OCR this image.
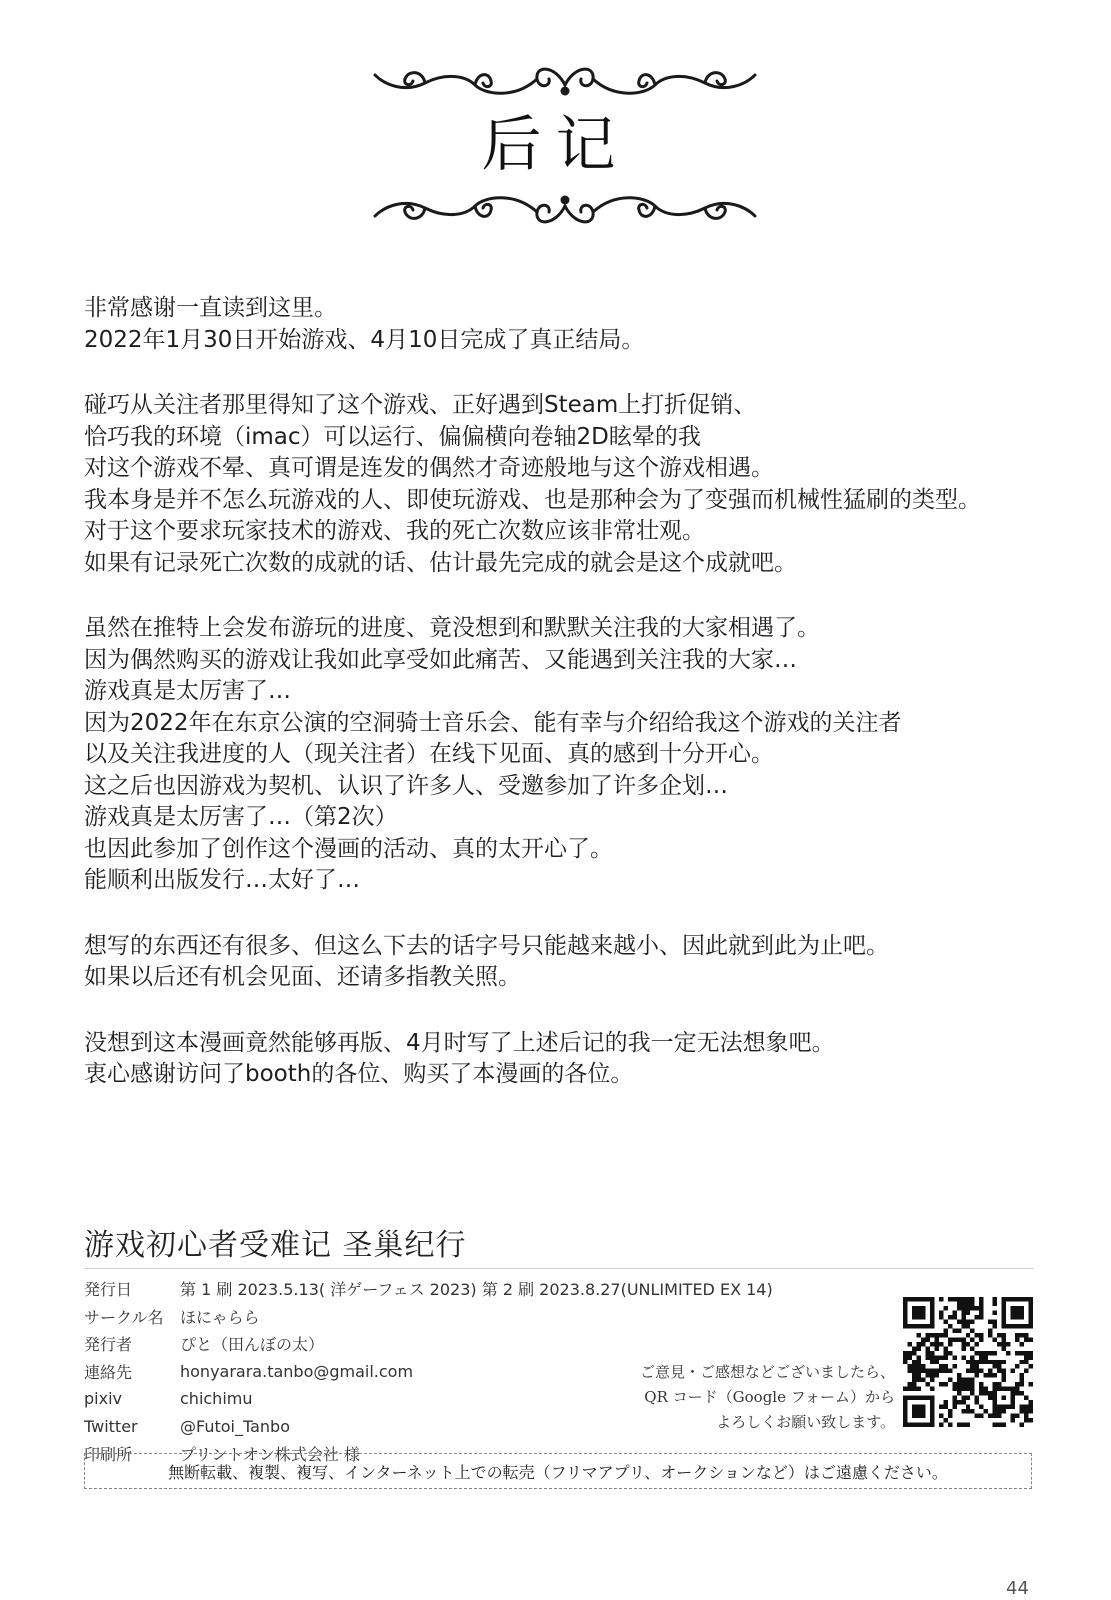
后记
非常感谢一直读到这里。
2022年1月30日开始游戏、4月10日完成了真正结局。
碰巧从关注者那里得知了这个游戏、正好遇到Steam上打折促销、
恰巧我的环境（imac）可以运行、偏偏横向卷轴2D眩晕的我
对这个游戏不晕、真可谓是连发的偶然才奇迹般地与这个游戏相遇。
我本身是并不怎么玩游戏的人、即使玩游戏、也是那种会为了变强而机械性猛刷的类型。
对于这个要求玩家技术的游戏、我的死亡次数应该非常壮观。
如果有记录死亡次数的成就的话、估计最先完成的就会是这个成就吧。
虽然在推特上会发布游玩的进度、竟没想到和默默关注我的大家相遇了。
因为偶然购买的游戏让我如此享受如此痛苦、又能遇到关注我的大家…
游戏真是太厉害了…
因为2022年在东京公演的空洞骑士音乐会、能有幸与介绍给我这个游戏的关注者
以及关注我进度的人（现关注者）在线下见面、真的感到十分开心。
这之后也因游戏为契机、认识了许多人、受邀参加了许多企划…
游戏真是太厉害了…（第2次）
也因此参加了创作这个漫画的活动、真的太开心了。
能顺利出版发行…太好了…
想写的东西还有很多、但这么下去的话字号只能越来越小、因此就到此为止吧。
如果以后还有机会见面、还请多指教关照。
没想到这本漫画竟然能够再版、4月时写了上述后记的我一定无法想象吧。
衷心感谢访问了booth的各位、购买了本漫画的各位。
游戏初心者受难记 圣巢纪行
発行日	第 1 刷 2023.5.13( 洋ゲーフェス 2023) 第 2 刷 2023.8.27(UNLIMITED EX 14)
サークル名	ほにゃらら
発行者	ぴと（田んぼの太）
連絡先	honyarara.tanbo@gmail.com
pixiv	chichimu
Twitter	@Futoi_Tanbo
印刷所	プリントオン株式会社 様
ご意見・ご感想などございましたら、
QR コード（Google フォーム）から
よろしくお願い致します。
無断転載、複製、複写、インターネット上での転売（フリマアプリ、オークションなど）はご遠慮ください。
44
